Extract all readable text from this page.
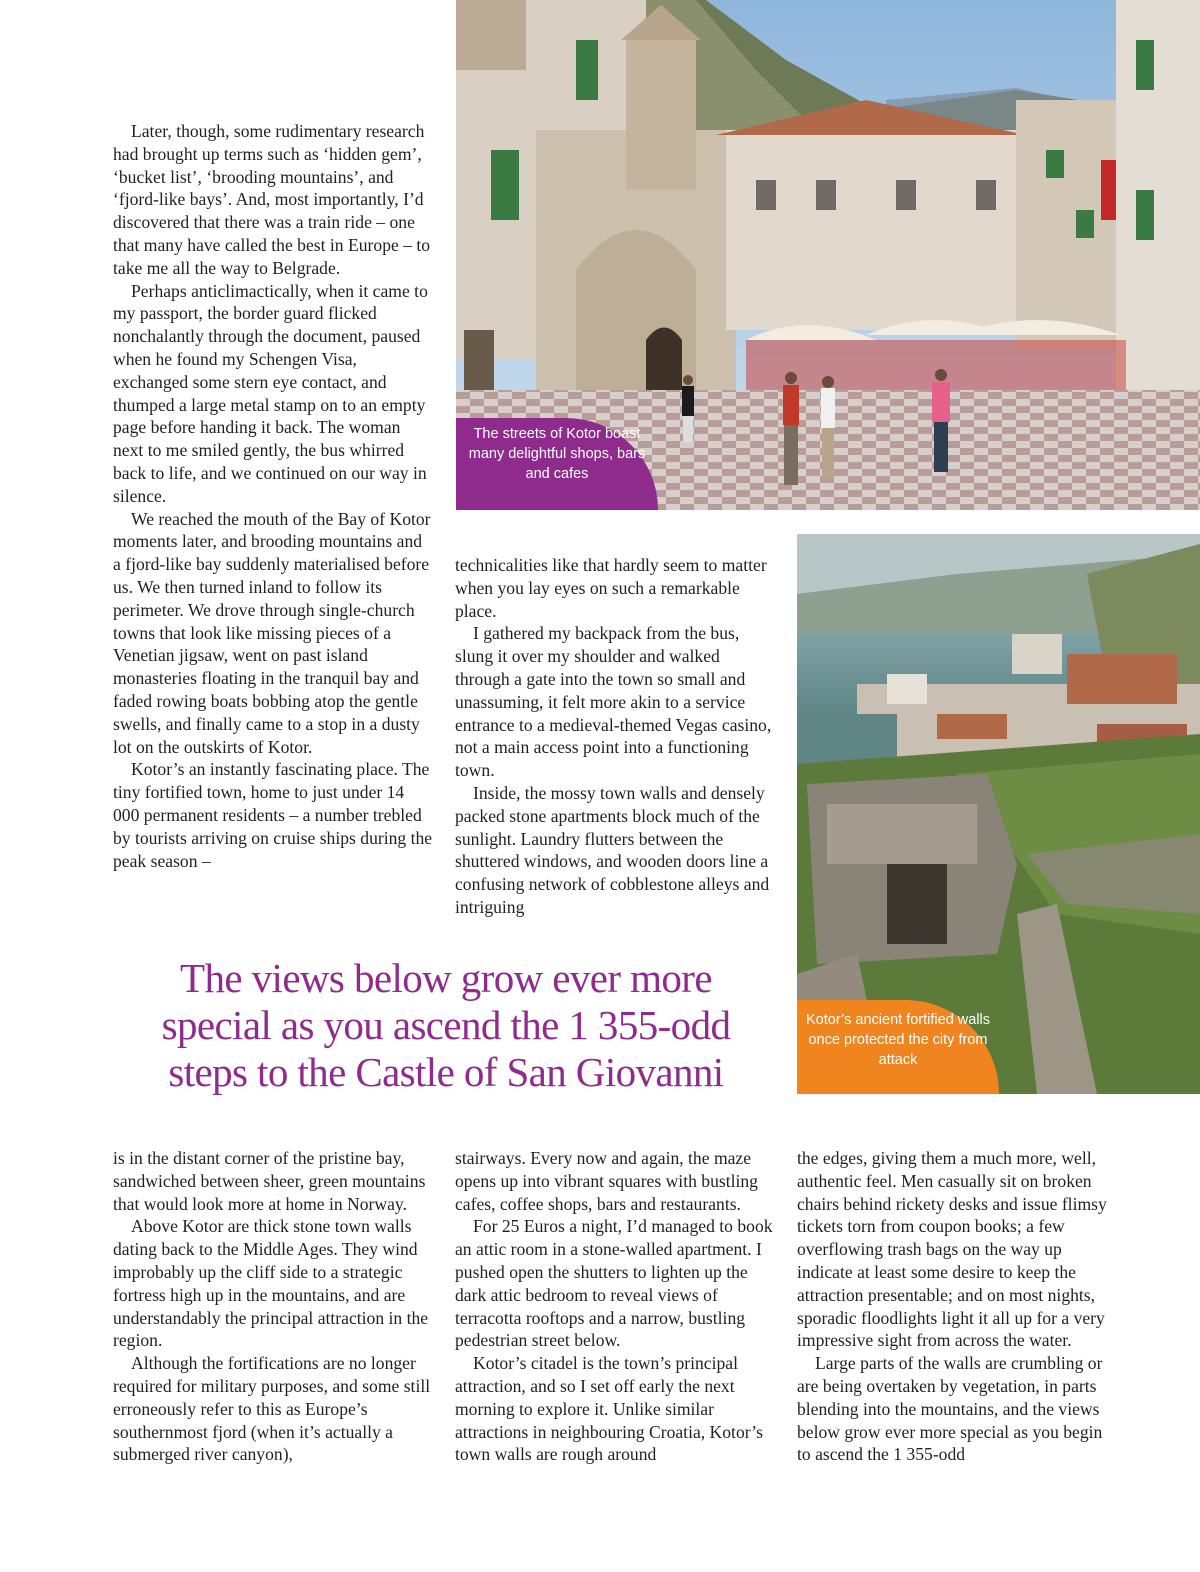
The streets of Kotor boast many delightful shops, bars and cafes
Kotor’s ancient fortified walls once protected the city from attack

Later, though, some rudimentary research had brought up terms such as ‘hidden gem’, ‘bucket list’, ‘brooding mountains’, and ‘fjord-like bays’. And, most importantly, I’d discovered that there was a train ride – one that many have called the best in Europe – to take me all the way to Belgrade.

Perhaps anticlimactically, when it came to my passport, the border guard flicked nonchalantly through the document, paused when he found my Schengen Visa, exchanged some stern eye contact, and thumped a large metal stamp on to an empty page before handing it back. The woman next to me smiled gently, the bus whirred back to life, and we continued on our way in silence.

We reached the mouth of the Bay of Kotor moments later, and brooding mountains and a fjord-like bay suddenly materialised before us. We then turned inland to follow its perimeter. We drove through single-church towns that look like missing pieces of a Venetian jigsaw, went on past island monasteries floating in the tranquil bay and faded rowing boats bobbing atop the gentle swells, and finally came to a stop in a dusty lot on the outskirts of Kotor.

Kotor’s an instantly fascinating place. The tiny fortified town, home to just under 14 000 permanent residents – a number trebled by tourists arriving on cruise ships during the peak season –

technicalities like that hardly seem to matter when you lay eyes on such a remarkable place.

I gathered my backpack from the bus, slung it over my shoulder and walked through a gate into the town so small and unassuming, it felt more akin to a service entrance to a medieval-themed Vegas casino, not a main access point into a functioning town.

Inside, the mossy town walls and densely packed stone apartments block much of the sunlight. Laundry flutters between the shuttered windows, and wooden doors line a confusing network of cobblestone alleys and intriguing

The views below grow ever more
special as you ascend the 1 355-odd
steps to the Castle of San Giovanni

is in the distant corner of the pristine bay, sandwiched between sheer, green mountains that would look more at home in Norway.

Above Kotor are thick stone town walls dating back to the Middle Ages. They wind improbably up the cliff side to a strategic fortress high up in the mountains, and are understandably the principal attraction in the region.

Although the fortifications are no longer required for military purposes, and some still erroneously refer to this as Europe’s southernmost fjord (when it’s actually a submerged river canyon),

stairways. Every now and again, the maze opens up into vibrant squares with bustling cafes, coffee shops, bars and restaurants.

For 25 Euros a night, I’d managed to book an attic room in a stone-walled apartment. I pushed open the shutters to lighten up the dark attic bedroom to reveal views of terracotta rooftops and a narrow, bustling pedestrian street below.

Kotor’s citadel is the town’s principal attraction, and so I set off early the next morning to explore it. Unlike similar attractions in neighbouring Croatia, Kotor’s town walls are rough around

the edges, giving them a much more, well, authentic feel. Men casually sit on broken chairs behind rickety desks and issue flimsy tickets torn from coupon books; a few overflowing trash bags on the way up indicate at least some desire to keep the attraction presentable; and on most nights, sporadic floodlights light it all up for a very impressive sight from across the water.

Large parts of the walls are crumbling or are being overtaken by vegetation, in parts blending into the mountains, and the views below grow ever more special as you begin to ascend the 1 355-odd
